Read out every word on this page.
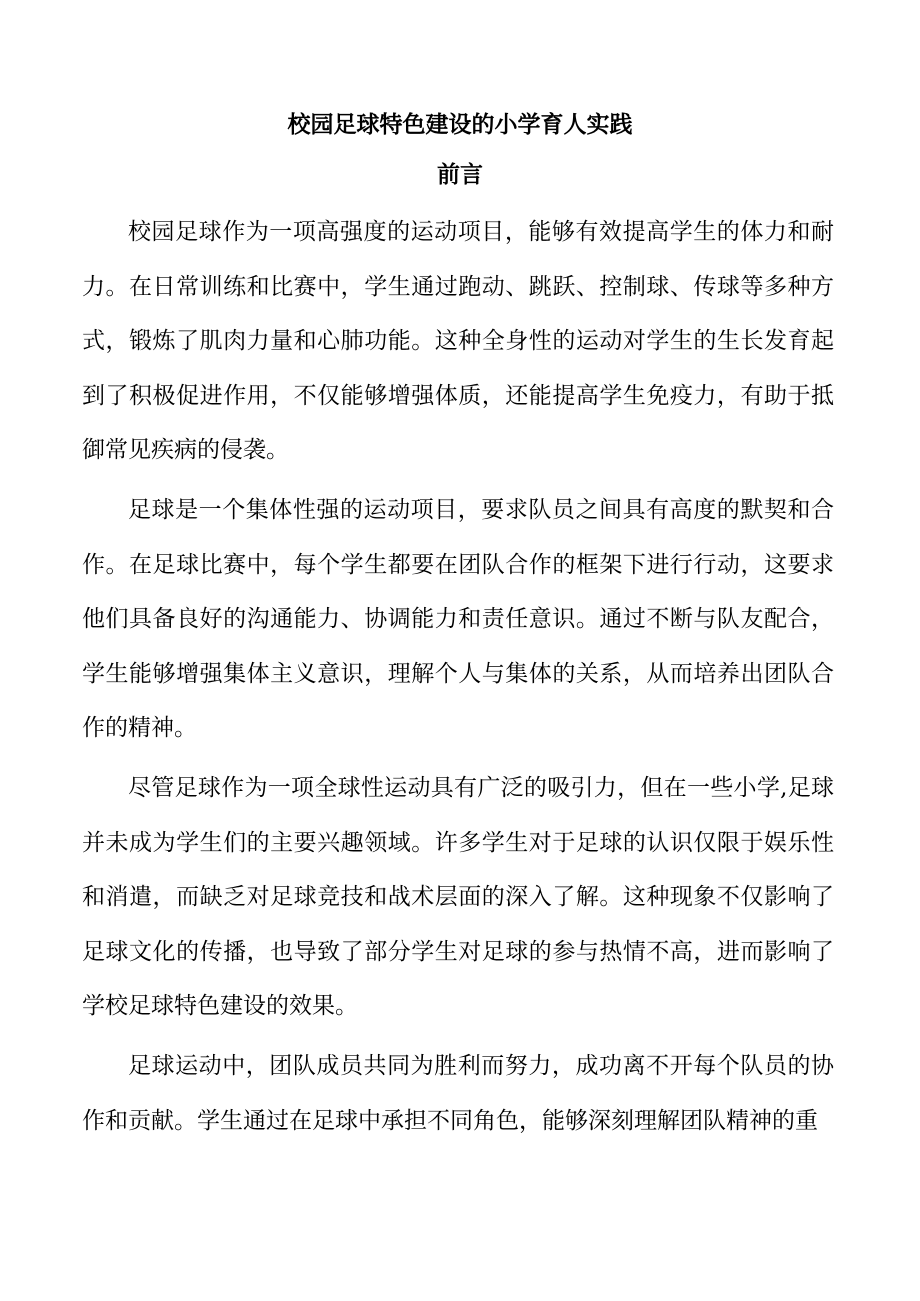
校园足球特色建设的小学育人实践
前言

校园足球作为一项高强度的运动项目，能够有效提高学生的体力和耐力。在日常训练和比赛中，学生通过跑动、跳跃、控制球、传球等多种方式，锻炼了肌肉力量和心肺功能。这种全身性的运动对学生的生长发育起到了积极促进作用，不仅能够增强体质，还能提高学生免疫力，有助于抵御常见疾病的侵袭。

足球是一个集体性强的运动项目，要求队员之间具有高度的默契和合作。在足球比赛中，每个学生都要在团队合作的框架下进行行动，这要求他们具备良好的沟通能力、协调能力和责任意识。通过不断与队友配合，学生能够增强集体主义意识，理解个人与集体的关系，从而培养出团队合作的精神。

尽管足球作为一项全球性运动具有广泛的吸引力，但在一些小学,足球并未成为学生们的主要兴趣领域。许多学生对于足球的认识仅限于娱乐性和消遣，而缺乏对足球竞技和战术层面的深入了解。这种现象不仅影响了足球文化的传播，也导致了部分学生对足球的参与热情不高，进而影响了学校足球特色建设的效果。

足球运动中，团队成员共同为胜利而努力，成功离不开每个队员的协作和贡献。学生通过在足球中承担不同角色，能够深刻理解团队精神的重
